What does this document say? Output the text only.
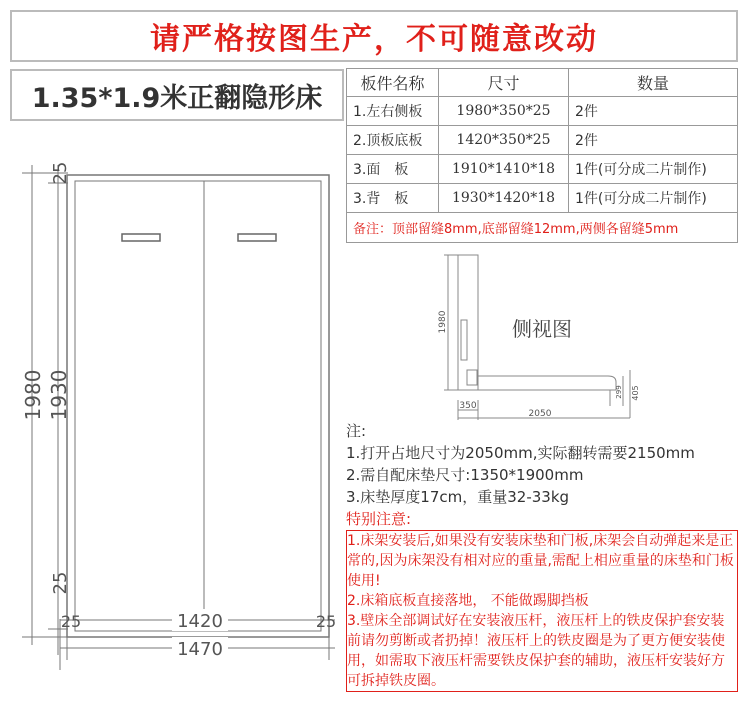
请严格按图生产，不可随意改动
1.35*1.9米正翻隐形床 板件名称	尺寸	数量
1.左右侧板	1980*350*25	2件
2.顶板底板	1420*350*25	2件
3.面　板	1910*1410*18	1件(可分成二片制作)
3.背　板	1930*1420*18	1件(可分成二片制作)
备注：顶部留缝8mm,底部留缝12mm,两侧各留缝5mm		
1980 1930
25
25
1420
1470
25	25
1980
350
2050
405
299
侧视图
注:
1.打开占地尺寸为2050mm,实际翻转需要2150mm
2.需自配床垫尺寸:1350*1900mm
3.床垫厚度17cm，重量32-33kg
特别注意:
1.床架安装后,如果没有安装床垫和门板,床架会自动弹起来是正常的,因为床架没有相对应的重量,需配上相应重量的床垫和门板使用!
2.床箱底板直接落地， 不能做踢脚挡板
3.壁床全部调试好在安装液压杆，液压杆上的铁皮保护套安装前请勿剪断或者扔掉！液压杆上的铁皮圈是为了更方便安装使用，如需取下液压杆需要铁皮保护套的辅助，液压杆安装好方可拆掉铁皮圈。
